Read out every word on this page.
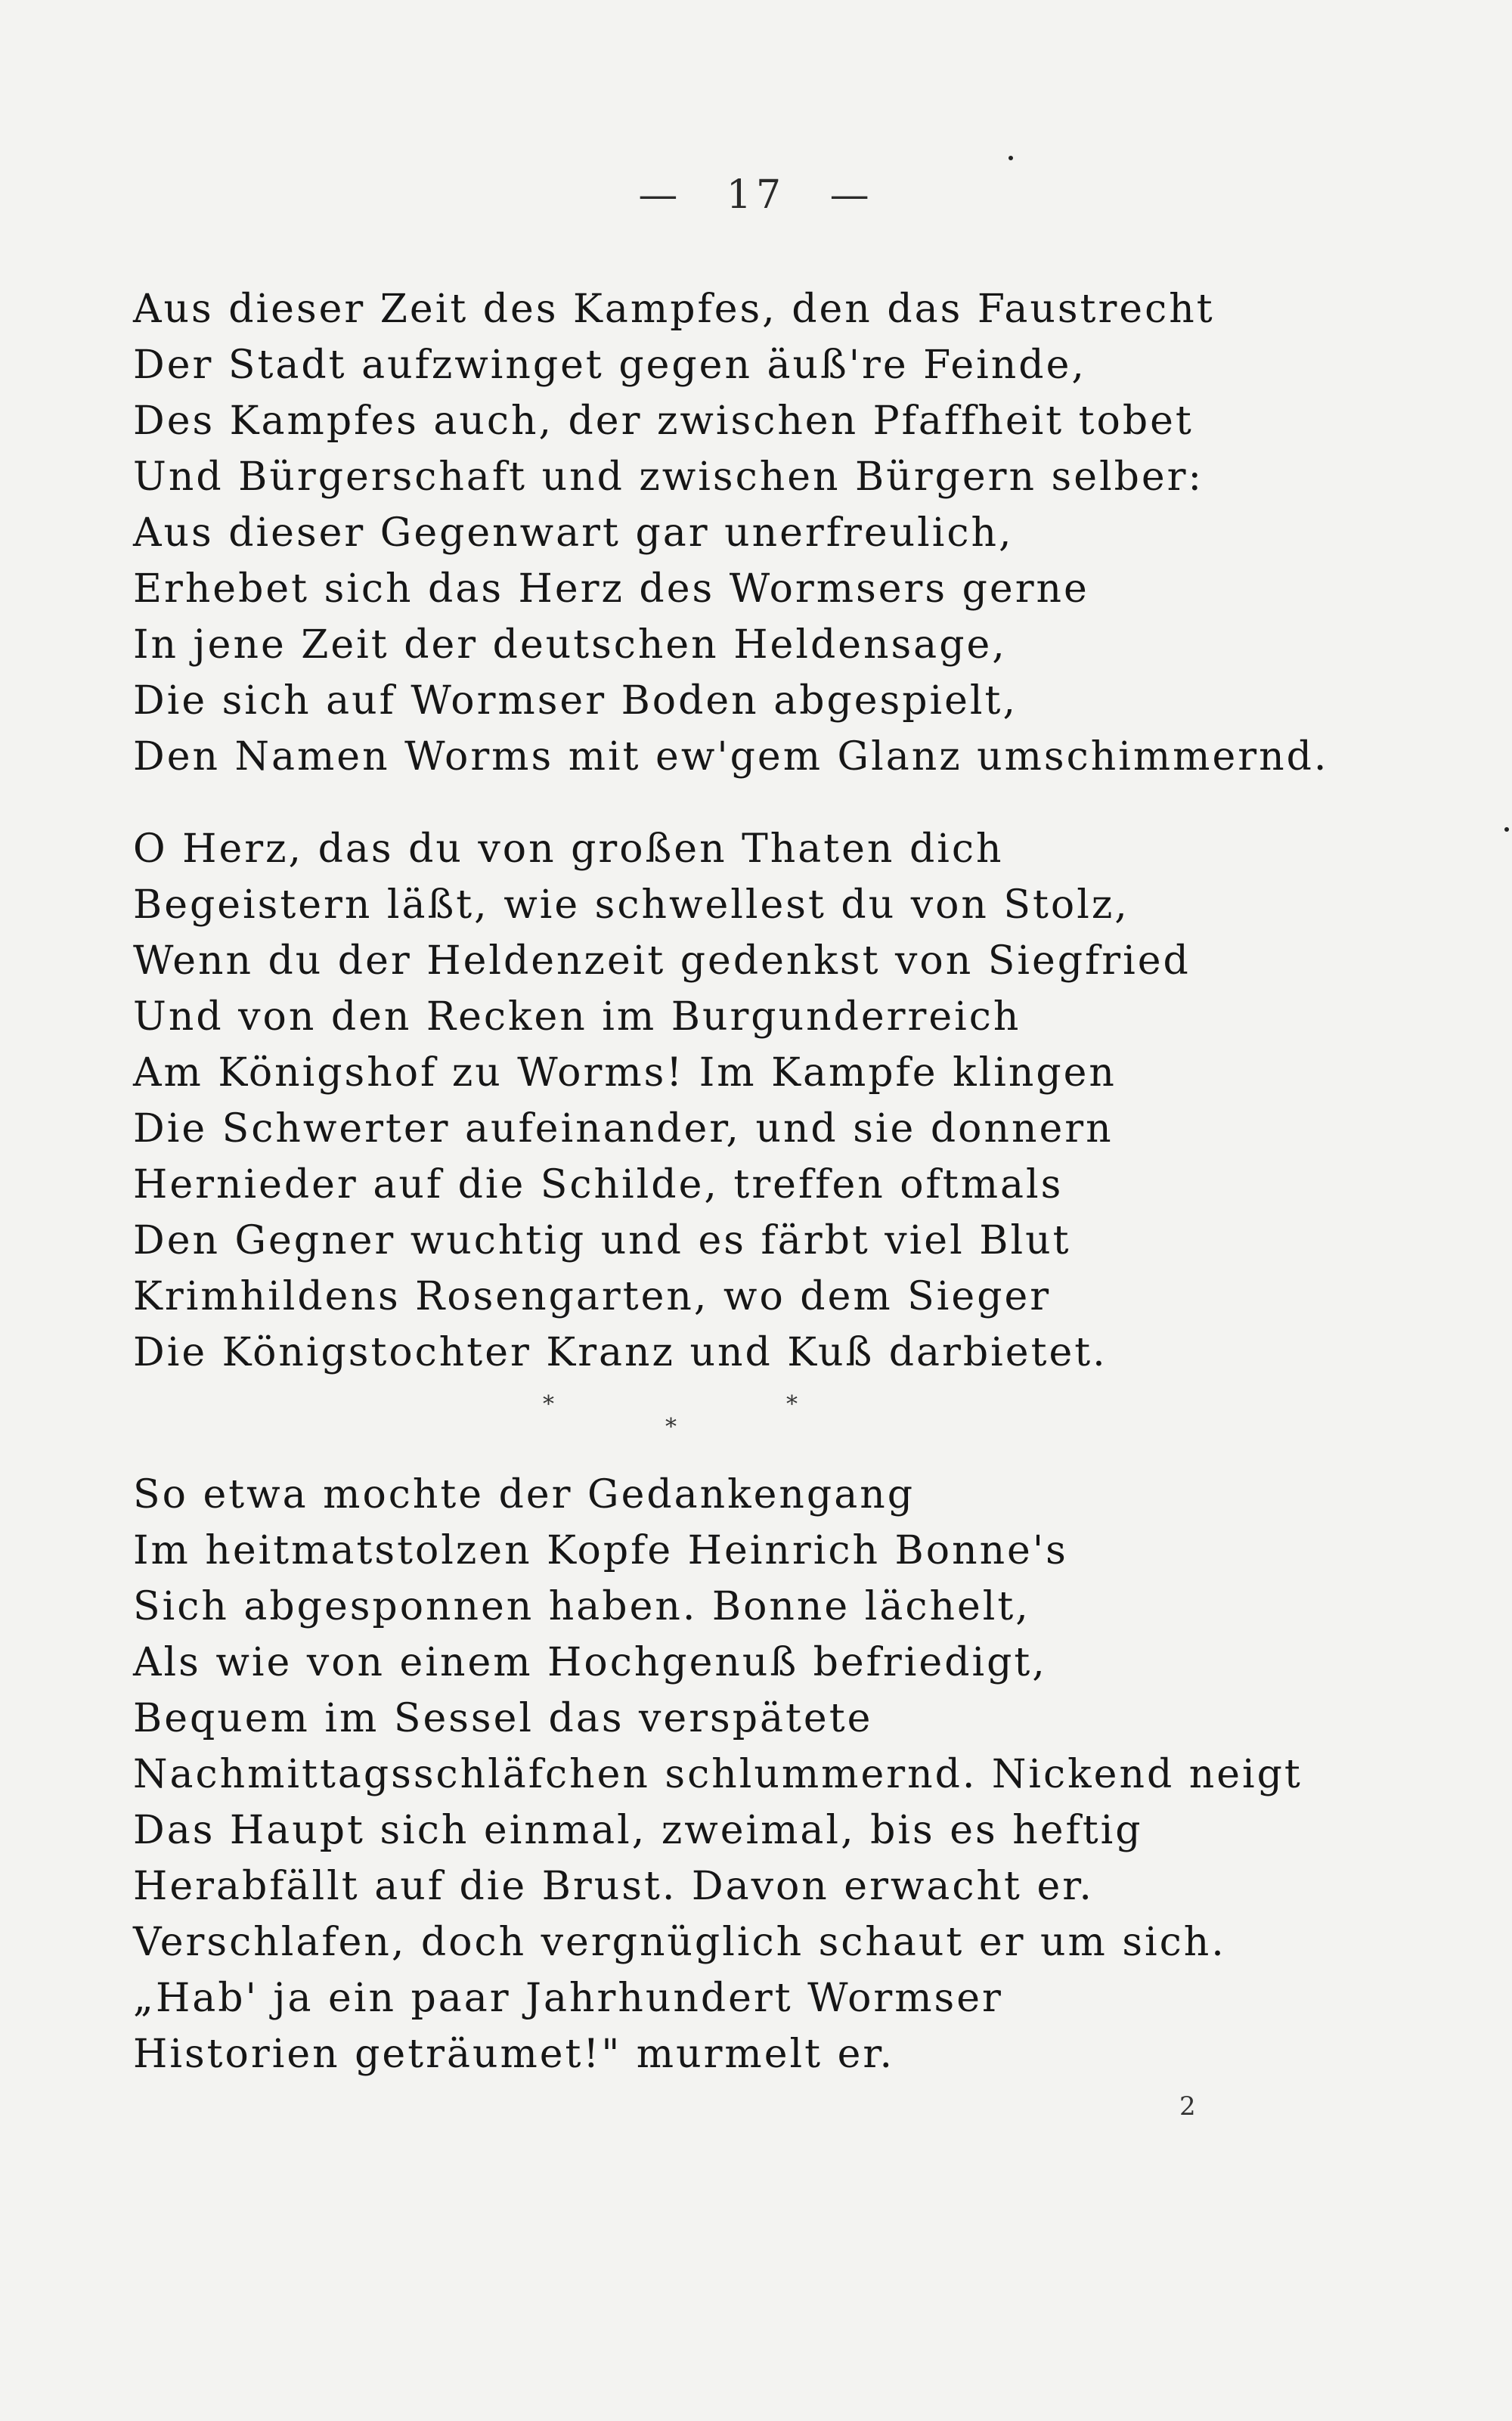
— 17 —
Aus dieser Zeit des Kampfes, den das Faustrecht
Der Stadt aufzwinget gegen äuß're Feinde,
Des Kampfes auch, der zwischen Pfaffheit tobet
Und Bürgerschaft und zwischen Bürgern selber:
Aus dieser Gegenwart gar unerfreulich,
Erhebet sich das Herz des Wormsers gerne
In jene Zeit der deutschen Heldensage,
Die sich auf Wormser Boden abgespielt,
Den Namen Worms mit ew'gem Glanz umschimmernd.
O Herz, das du von großen Thaten dich
Begeistern läßt, wie schwellest du von Stolz,
Wenn du der Heldenzeit gedenkst von Siegfried
Und von den Recken im Burgunderreich
Am Königshof zu Worms! Im Kampfe klingen
Die Schwerter aufeinander, und sie donnern
Hernieder auf die Schilde, treffen oftmals
Den Gegner wuchtig und es färbt viel Blut
Krimhildens Rosengarten, wo dem Sieger
Die Königstochter Kranz und Kuß darbietet.
*
*
*
So etwa mochte der Gedankengang
Im heitmatstolzen Kopfe Heinrich Bonne's
Sich abgesponnen haben. Bonne lächelt,
Als wie von einem Hochgenuß befriedigt,
Bequem im Sessel das verspätete
Nachmittagsschläfchen schlummernd. Nickend neigt
Das Haupt sich einmal, zweimal, bis es heftig
Herabfällt auf die Brust. Davon erwacht er.
Verschlafen, doch vergnüglich schaut er um sich.
„Hab' ja ein paar Jahrhundert Wormser
Historien geträumet!" murmelt er.
2
